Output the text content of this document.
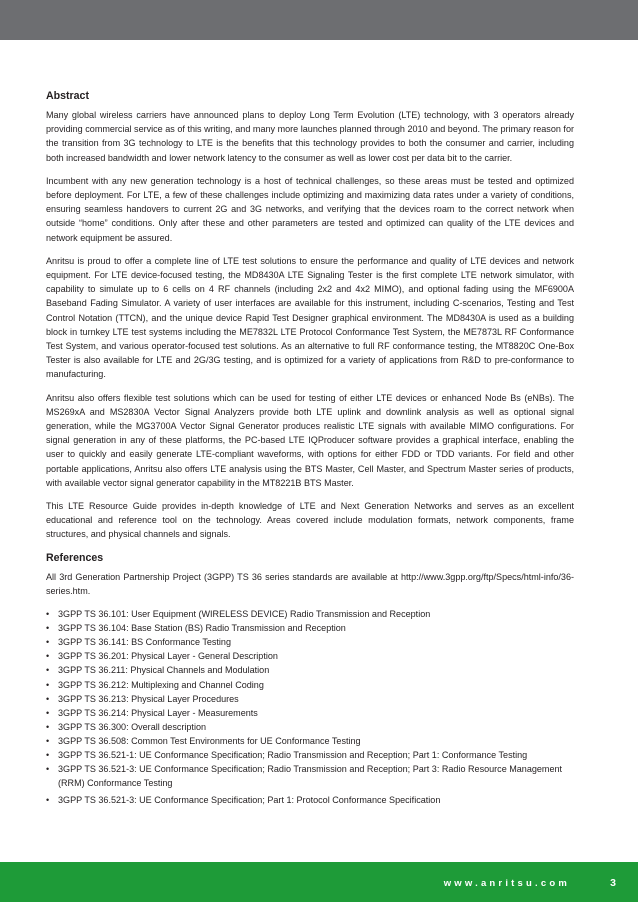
Abstract

Many global wireless carriers have announced plans to deploy Long Term Evolution (LTE) technology, with 3 operators already providing commercial service as of this writing, and many more launches planned through 2010 and beyond. The primary reason for the transition from 3G technology to LTE is the benefits that this technology provides to both the consumer and carrier, including both increased bandwidth and lower network latency to the consumer as well as lower cost per data bit to the carrier.

Incumbent with any new generation technology is a host of technical challenges, so these areas must be tested and optimized before deployment. For LTE, a few of these challenges include optimizing and maximizing data rates under a variety of conditions, ensuring seamless handovers to current 2G and 3G networks, and verifying that the devices roam to the correct network when outside “home” conditions. Only after these and other parameters are tested and optimized can quality of the LTE devices and network equipment be assured.

Anritsu is proud to offer a complete line of LTE test solutions to ensure the performance and quality of LTE devices and network equipment. For LTE device-focused testing, the MD8430A LTE Signaling Tester is the first complete LTE network simulator, with capability to simulate up to 6 cells on 4 RF channels (including 2x2 and 4x2 MIMO), and optional fading using the MF6900A Baseband Fading Simulator. A variety of user interfaces are available for this instrument, including C-scenarios, Testing and Test Control Notation (TTCN), and the unique device Rapid Test Designer graphical environment. The MD8430A is used as a building block in turnkey LTE test systems including the ME7832L LTE Protocol Conformance Test System, the ME7873L RF Conformance Test System, and various operator-focused test solutions. As an alternative to full RF conformance testing, the MT8820C One-Box Tester is also available for LTE and 2G/3G testing, and is optimized for a variety of applications from R&D to pre-conformance to manufacturing.

Anritsu also offers flexible test solutions which can be used for testing of either LTE devices or enhanced Node Bs (eNBs). The MS269xA and MS2830A Vector Signal Analyzers provide both LTE uplink and downlink analysis as well as optional signal generation, while the MG3700A Vector Signal Generator produces realistic LTE signals with available MIMO configurations. For signal generation in any of these platforms, the PC-based LTE IQProducer software provides a graphical interface, enabling the user to quickly and easily generate LTE-compliant waveforms, with options for either FDD or TDD variants. For field and other portable applications, Anritsu also offers LTE analysis using the BTS Master, Cell Master, and Spectrum Master series of products, with available vector signal generator capability in the MT8221B BTS Master.

This LTE Resource Guide provides in-depth knowledge of LTE and Next Generation Networks and serves as an excellent educational and reference tool on the technology. Areas covered include modulation formats, network components, frame structures, and physical channels and signals.

References

All 3rd Generation Partnership Project (3GPP) TS 36 series standards are available at http://www.3gpp.org/ftp/Specs/html-info/36-series.htm.

• 3GPP TS 36.101: User Equipment (WIRELESS DEVICE) Radio Transmission and Reception
• 3GPP TS 36.104: Base Station (BS) Radio Transmission and Reception
• 3GPP TS 36.141: BS Conformance Testing
• 3GPP TS 36.201: Physical Layer - General Description
• 3GPP TS 36.211: Physical Channels and Modulation
• 3GPP TS 36.212: Multiplexing and Channel Coding
• 3GPP TS 36.213: Physical Layer Procedures
• 3GPP TS 36.214: Physical Layer - Measurements
• 3GPP TS 36.300: Overall description
• 3GPP TS 36.508: Common Test Environments for UE Conformance Testing
• 3GPP TS 36.521-1: UE Conformance Specification; Radio Transmission and Reception; Part 1: Conformance Testing
• 3GPP TS 36.521-3: UE Conformance Specification; Radio Transmission and Reception; Part 3: Radio Resource Management (RRM) Conformance Testing
• 3GPP TS 36.521-3: UE Conformance Specification; Part 1: Protocol Conformance Specification
www.anritsu.com	3
